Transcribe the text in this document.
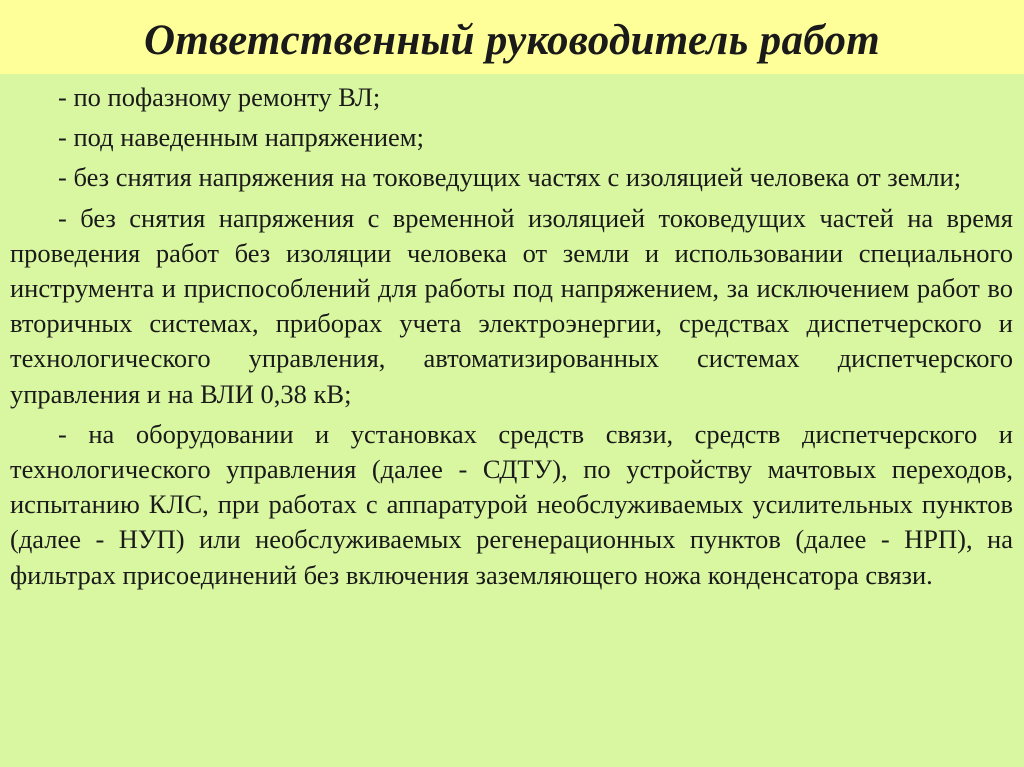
Ответственный руководитель работ

- по пофазному ремонту ВЛ;

- под наведенным напряжением;

- без снятия напряжения на токоведущих частях с изоляцией человека от земли;

- без снятия напряжения с временной изоляцией токоведущих частей на время проведения работ без изоляции человека от земли и использовании специального инструмента и приспособлений для работы под напряжением, за исключением работ во вторичных системах, приборах учета электроэнергии, средствах диспетчерского и технологического управления, автоматизированных системах диспетчерского управления и на ВЛИ 0,38 кВ;

- на оборудовании и установках средств связи, средств диспетчерского и технологического управления (далее - СДТУ), по устройству мачтовых переходов, испытанию КЛС, при работах с аппаратурой необслуживаемых усилительных пунктов (далее - НУП) или необслуживаемых регенерационных пунктов (далее - НРП), на фильтрах присоединений без включения заземляющего ножа конденсатора связи.
